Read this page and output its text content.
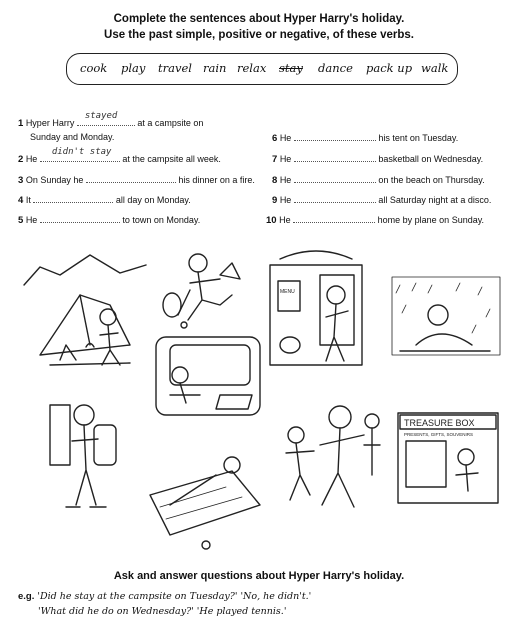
Complete the sentences about Hyper Harry's holiday.
Use the past simple, positive or negative, of these verbs.
cook play travel rain relax stay dance pack up walk
1 Hyper Harry
stayed
at a campsite on
Sunday and Monday.
2 He
didn't stay
at the campsite all week.
3 On Sunday he	his dinner on a fire.
4 It	all day on Monday.
5 He	to town on Monday.
6 He	his tent on Tuesday.
7 He	basketball on Wednesday.
8 He	on the beach on Thursday.
9 He	all Saturday night at a disco.
10 He	home by plane on Sunday.
MENU
TREASURE BOX
PRESENTS, GIFTS, SOUVENIRS
Ask and answer questions about Hyper Harry's holiday.
e.g. 'Did he stay at the campsite on Tuesday?' 'No, he didn't.'
'What did he do on Wednesday?' 'He played tennis.'
